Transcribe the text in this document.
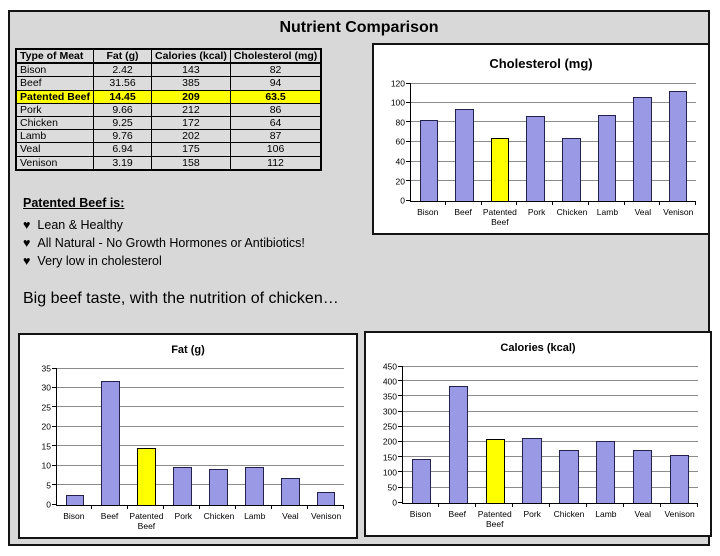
Nutrient Comparison
Type of Meat	Fat (g)	Calories (kcal)	Cholesterol (mg)
Bison	2.42	143	82
Beef	31.56	385	94
Patented Beef	14.45	209	63.5
Pork	9.66	212	86
Chicken	9.25	172	64
Lamb	9.76	202	87
Veal	6.94	175	106
Venison	3.19	158	112
Patented Beef is:
♥ Lean & Healthy
♥ All Natural - No Growth Hormones or Antibiotics!
♥ Very low in cholesterol
Big beef taste, with the nutrition of chicken…
Cholesterol (mg)
0
20
40
60
80
100
120
Bison	Beef	Patented Beef
Pork	Chicken	Lamb	Veal	Venison
Fat (g)
0
5
10
15
20
25
30
35
Bison	Beef	Patented Beef
Pork	Chicken	Lamb	Veal	Venison
Calories (kcal)
0
50
100
150
200
250
300
350
400
450
Bison	Beef	Patented Beef
Pork	Chicken	Lamb	Veal	Venison
